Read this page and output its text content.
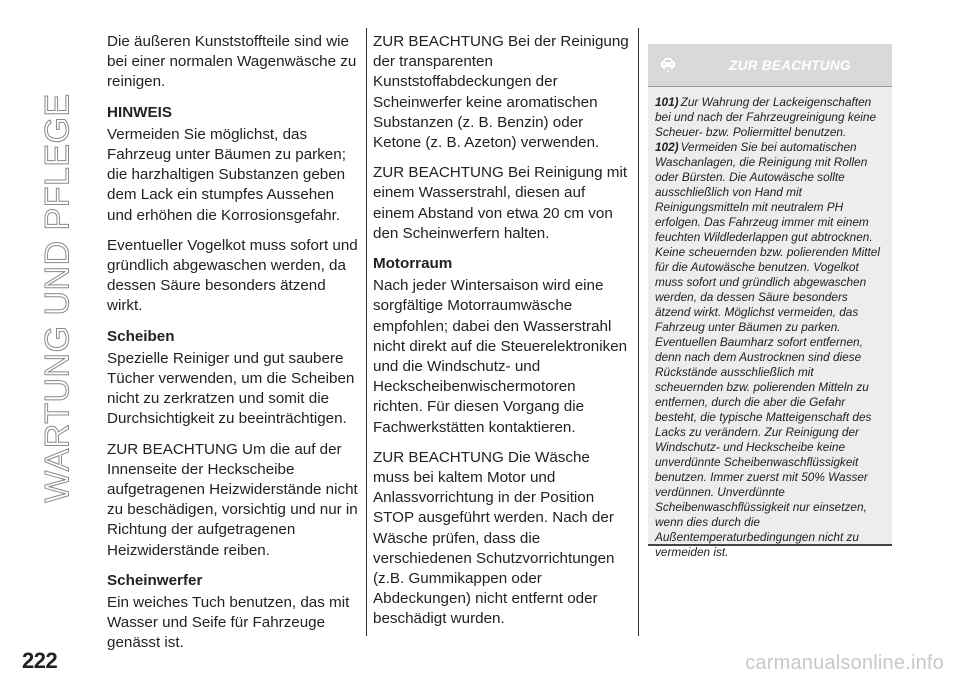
WARTUNG UND PFLEGE

Die äußeren Kunststoffteile sind wie bei einer normalen Wagenwäsche zu reinigen.

HINWEIS

Vermeiden Sie möglichst, das Fahrzeug unter Bäumen zu parken; die harzhaltigen Substanzen geben dem Lack ein stumpfes Aussehen und erhöhen die Korrosionsgefahr.

Eventueller Vogelkot muss sofort und gründlich abgewaschen werden, da dessen Säure besonders ätzend wirkt.

Scheiben

Spezielle Reiniger und gut saubere Tücher verwenden, um die Scheiben nicht zu zerkratzen und somit die Durchsichtigkeit zu beeinträchtigen.

ZUR BEACHTUNG Um die auf der Innenseite der Heckscheibe aufgetragenen Heizwiderstände nicht zu beschädigen, vorsichtig und nur in Richtung der aufgetragenen Heizwiderstände reiben.

Scheinwerfer

Ein weiches Tuch benutzen, das mit Wasser und Seife für Fahrzeuge genässt ist.

ZUR BEACHTUNG Bei der Reinigung der transparenten Kunststoffabdeckungen der Scheinwerfer keine aromatischen Substanzen (z. B. Benzin) oder Ketone (z. B. Azeton) verwenden.

ZUR BEACHTUNG Bei Reinigung mit einem Wasserstrahl, diesen auf einem Abstand von etwa 20 cm von den Scheinwerfern halten.

Motorraum

Nach jeder Wintersaison wird eine sorgfältige Motorraumwäsche empfohlen; dabei den Wasserstrahl nicht direkt auf die Steuerelektroniken und die Windschutz- und Heckscheibenwischermotoren richten. Für diesen Vorgang die Fachwerkstätten kontaktieren.

ZUR BEACHTUNG Die Wäsche muss bei kaltem Motor und Anlassvorrichtung in der Position STOP ausgeführt werden. Nach der Wäsche prüfen, dass die verschiedenen Schutzvorrichtungen (z.B. Gummikappen oder Abdeckungen) nicht entfernt oder beschädigt wurden.

ZUR BEACHTUNG
101) Zur Wahrung der Lackeigenschaften bei und nach der Fahrzeugreinigung keine Scheuer- bzw. Poliermittel benutzen.
102) Vermeiden Sie bei automatischen Waschanlagen, die Reinigung mit Rollen oder Bürsten. Die Autowäsche sollte ausschließlich von Hand mit Reinigungsmitteln mit neutralem PH erfolgen. Das Fahrzeug immer mit einem feuchten Wildlederlappen gut abtrocknen. Keine scheuernden bzw. polierenden Mittel für die Autowäsche benutzen. Vogelkot muss sofort und gründlich abgewaschen werden, da dessen Säure besonders ätzend wirkt. Möglichst vermeiden, das Fahrzeug unter Bäumen zu parken. Eventuellen Baumharz sofort entfernen, denn nach dem Austrocknen sind diese Rückstände ausschließlich mit scheuernden bzw. polierenden Mitteln zu entfernen, durch die aber die Gefahr besteht, die typische Matteigenschaft des Lacks zu verändern. Zur Reinigung der Windschutz- und Heckscheibe keine unverdünnte Scheibenwaschflüssigkeit benutzen. Immer zuerst mit 50% Wasser verdünnen. Unverdünnte Scheibenwaschflüssigkeit nur einsetzen, wenn dies durch die Außentemperaturbedingungen nicht zu vermeiden ist.
222	carmanualsonline.info
